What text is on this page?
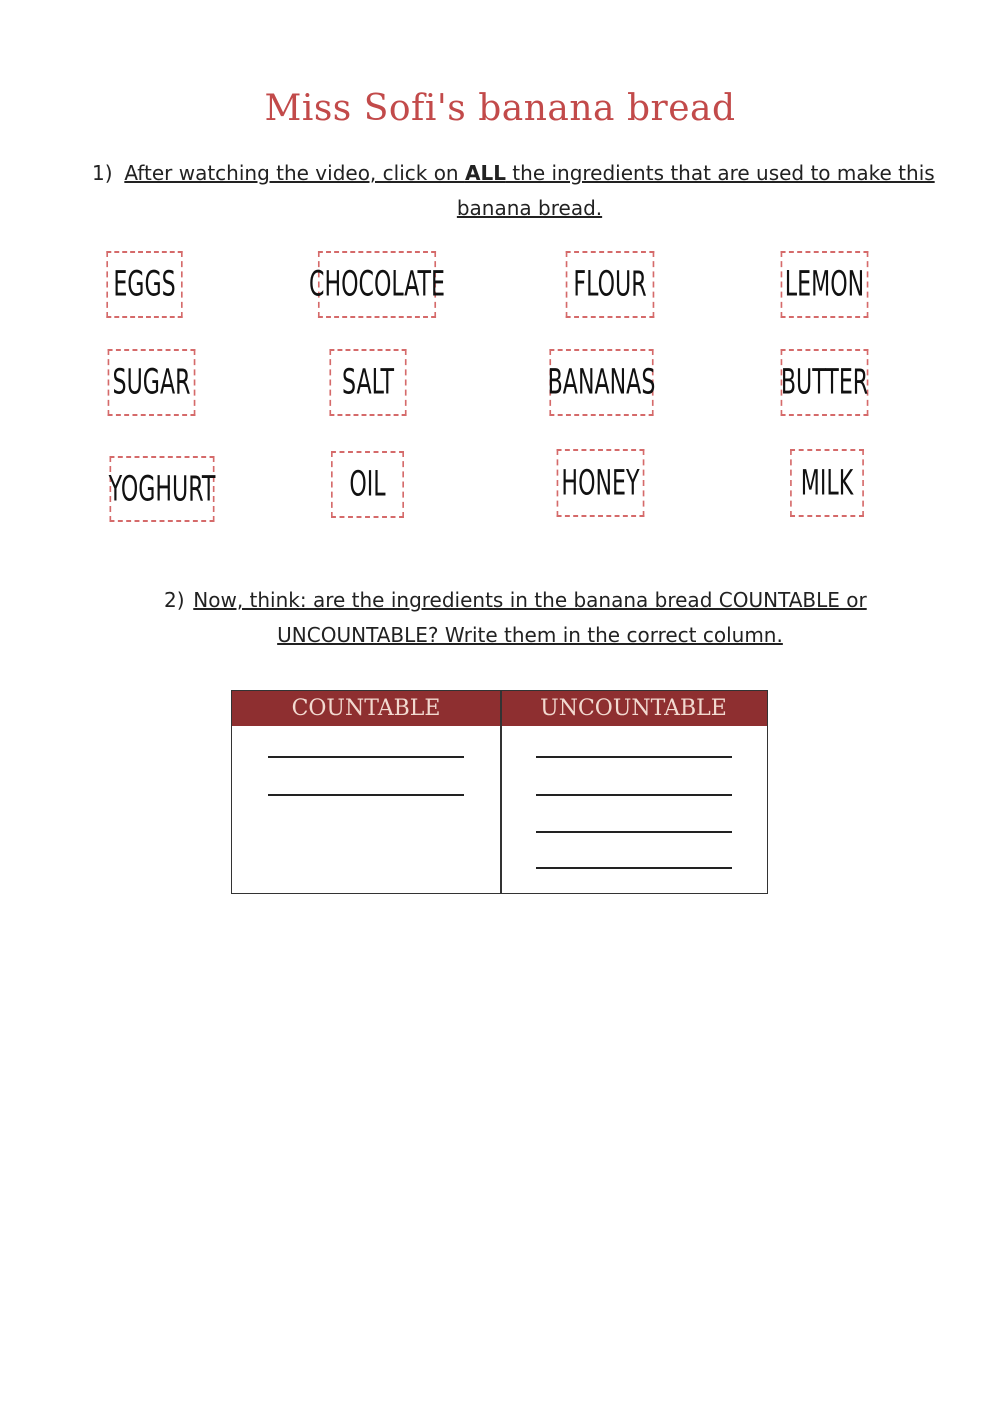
Miss Sofi's banana bread
1) After watching the video, click on ALL the ingredients that are used to make this banana bread.
EGGS	CHOCOLATE	FLOUR	LEMON
SUGAR	SALT	BANANAS	BUTTER
YOGHURT	OIL	HONEY	MILK
2) Now, think: are the ingredients in the banana bread COUNTABLE or UNCOUNTABLE? Write them in the correct column.
COUNTABLE	UNCOUNTABLE
